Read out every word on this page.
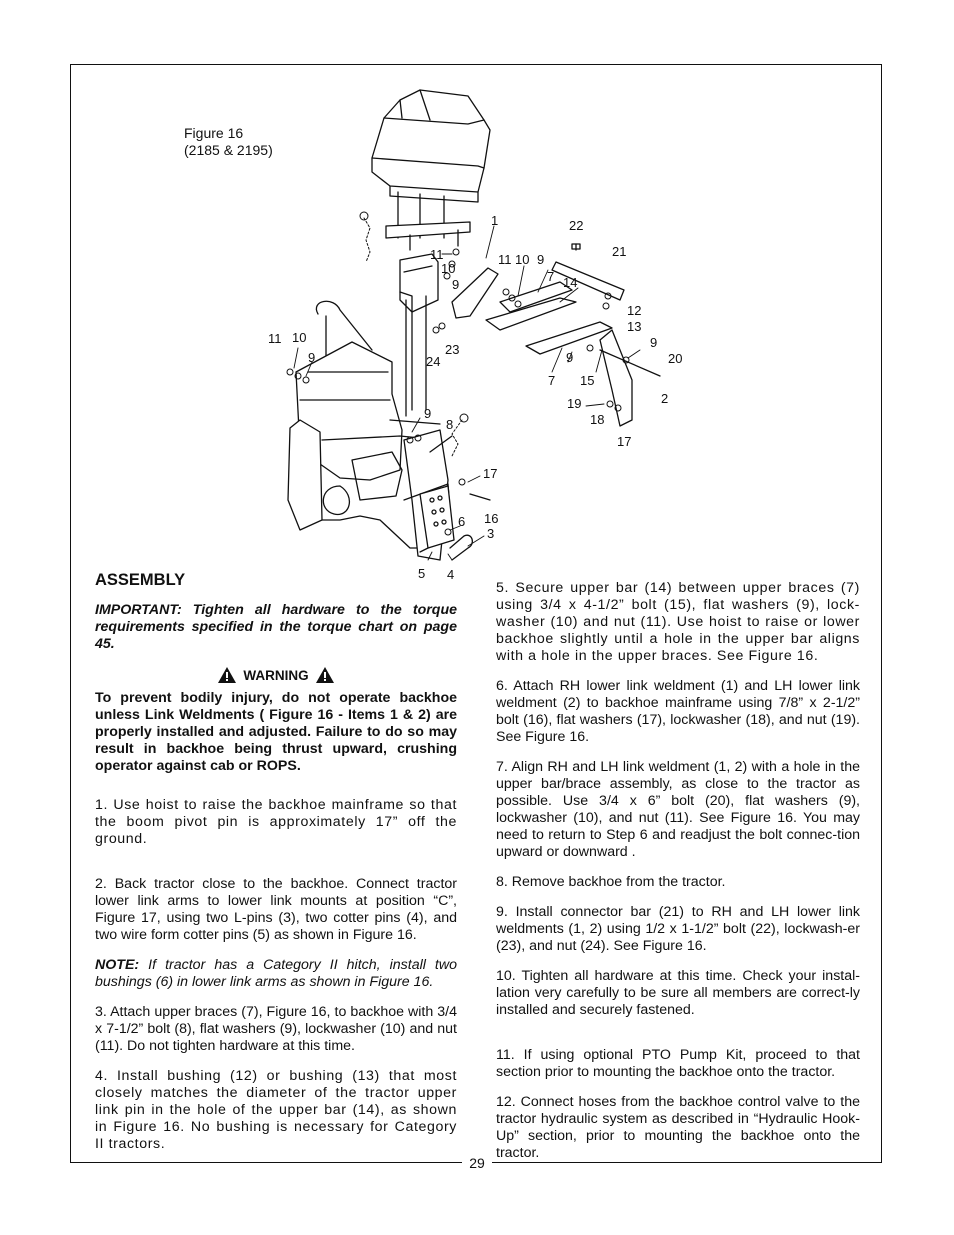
29
Figure 16
(2185 & 2195)
1	22
21
11 10 9
7 14
12
13
9
20
2
19
18
17
11
10
9
24
23
9
8
17
16
6
3
5 4
11 10
9
15
7
9
ASSEMBLY

IMPORTANT: Tighten all hardware to the torque requirements specified in the torque chart on page 45.

WARNING

To prevent bodily injury, do not operate backhoe unless Link Weldments ( Figure 16 - Items 1 & 2) are properly installed and adjusted. Failure to do so may result in backhoe being thrust upward, crushing operator against cab or ROPS.

1. Use hoist to raise the backhoe mainframe so that the boom pivot pin is approximately 17” off the ground.

2. Back tractor close to the backhoe. Connect tractor lower link arms to lower link mounts at position “C”, Figure 17, using two L-pins (3), two cotter pins (4), and two wire form cotter pins (5) as shown in Figure 16.

NOTE: If tractor has a Category II hitch, install two bushings (6) in lower link arms as shown in Figure 16.

3. Attach upper braces (7), Figure 16, to backhoe with 3/4 x 7-1/2” bolt (8), flat washers (9), lockwasher (10) and nut (11). Do not tighten hardware at this time.

4. Install bushing (12) or bushing (13) that most closely matches the diameter of the tractor upper link pin in the hole of the upper bar (14), as shown in Figure 16. No bushing is necessary for Category II tractors.

5. Secure upper bar (14) between upper braces (7) using 3/4 x 4-1/2” bolt (15), flat washers (9), lock-washer (10) and nut (11). Use hoist to raise or lower backhoe slightly until a hole in the upper bar aligns with a hole in the upper braces. See Figure 16.

6. Attach RH lower link weldment (1) and LH lower link weldment (2) to backhoe mainframe using 7/8” x 2-1/2” bolt (16), flat washers (17), lockwasher (18), and nut (19). See Figure 16.

7. Align RH and LH link weldment (1, 2) with a hole in the upper bar/brace assembly, as close to the tractor as possible. Use 3/4 x 6” bolt (20), flat washers (9), lockwasher (10), and nut (11). See Figure 16. You may need to return to Step 6 and readjust the bolt connec-tion upward or downward .

8. Remove backhoe from the tractor.

9. Install connector bar (21) to RH and LH lower link weldments (1, 2) using 1/2 x 1-1/2” bolt (22), lockwash-er (23), and nut (24). See Figure 16.

10. Tighten all hardware at this time. Check your instal-lation very carefully to be sure all members are correct-ly installed and securely fastened.

11. If using optional PTO Pump Kit, proceed to that section prior to mounting the backhoe onto the tractor.

12. Connect hoses from the backhoe control valve to the tractor hydraulic system as described in “Hydraulic Hook-Up” section, prior to mounting the backhoe onto the tractor.
